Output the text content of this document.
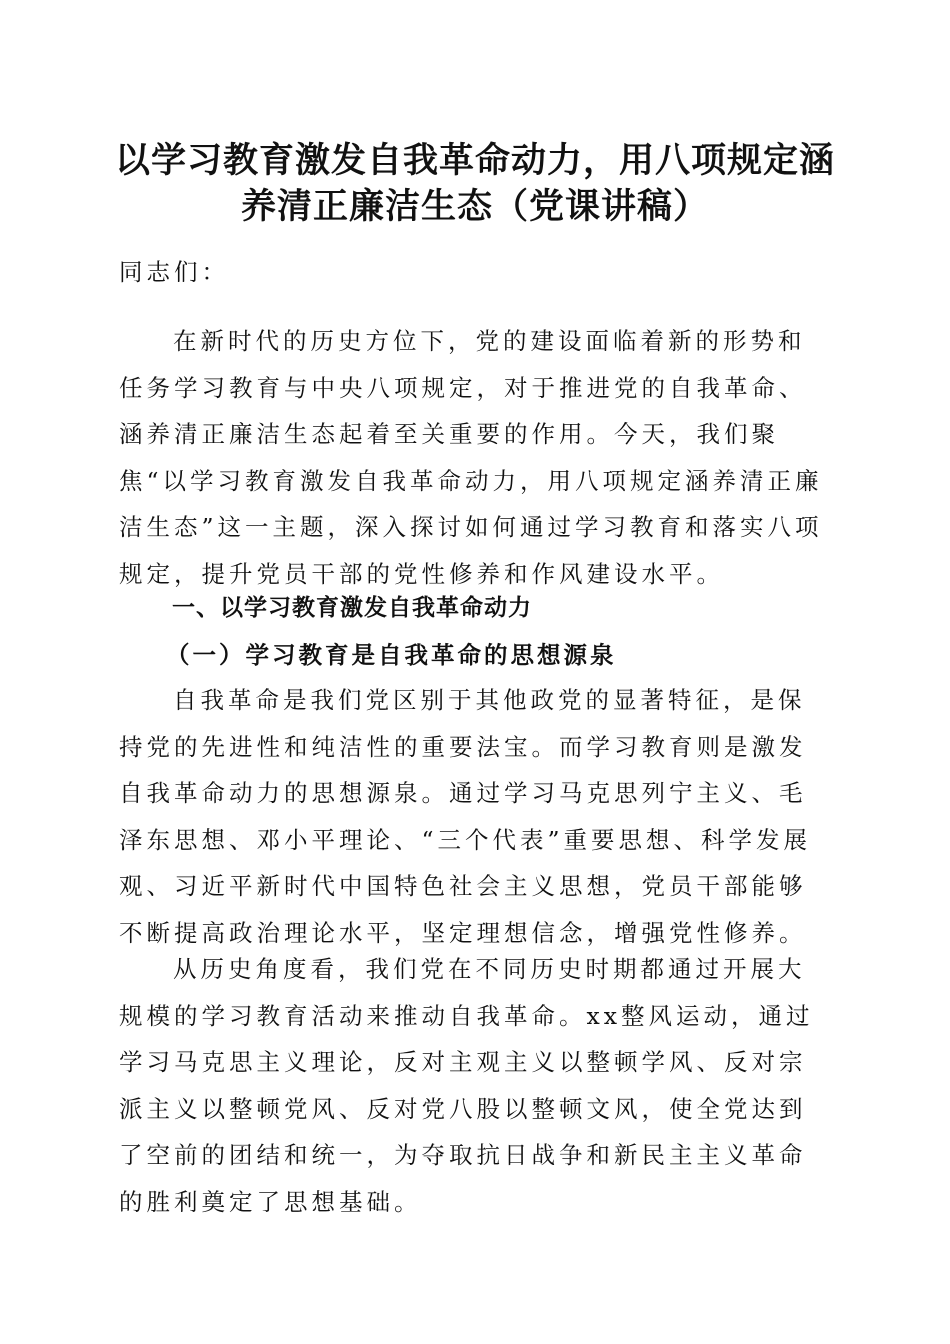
以学习教育激发自我革命动力，用八项规定涵
养清正廉洁生态（党课讲稿）

同志们：

在新时代的历史方位下，党的建设面临着新的形势和任务学习教育与中央八项规定，对于推进党的自我革命、涵养清正廉洁生态起着至关重要的作用。今天，我们聚焦“以学习教育激发自我革命动力，用八项规定涵养清正廉洁生态”这一主题，深入探讨如何通过学习教育和落实八项规定，提升党员干部的党性修养和作风建设水平。

一、以学习教育激发自我革命动力
（一）学习教育是自我革命的思想源泉

自我革命是我们党区别于其他政党的显著特征，是保持党的先进性和纯洁性的重要法宝。而学习教育则是激发自我革命动力的思想源泉。通过学习马克思列宁主义、毛泽东思想、邓小平理论、“三个代表”重要思想、科学发展观、习近平新时代中国特色社会主义思想，党员干部能够不断提高政治理论水平，坚定理想信念，增强党性修养。

从历史角度看，我们党在不同历史时期都通过开展大规模的学习教育活动来推动自我革命。xx整风运动，通过学习马克思主义理论，反对主观主义以整顿学风、反对宗派主义以整顿党风、反对党八股以整顿文风，使全党达到了空前的团结和统一，为夺取抗日战争和新民主主义革命的胜利奠定了思想基础。
